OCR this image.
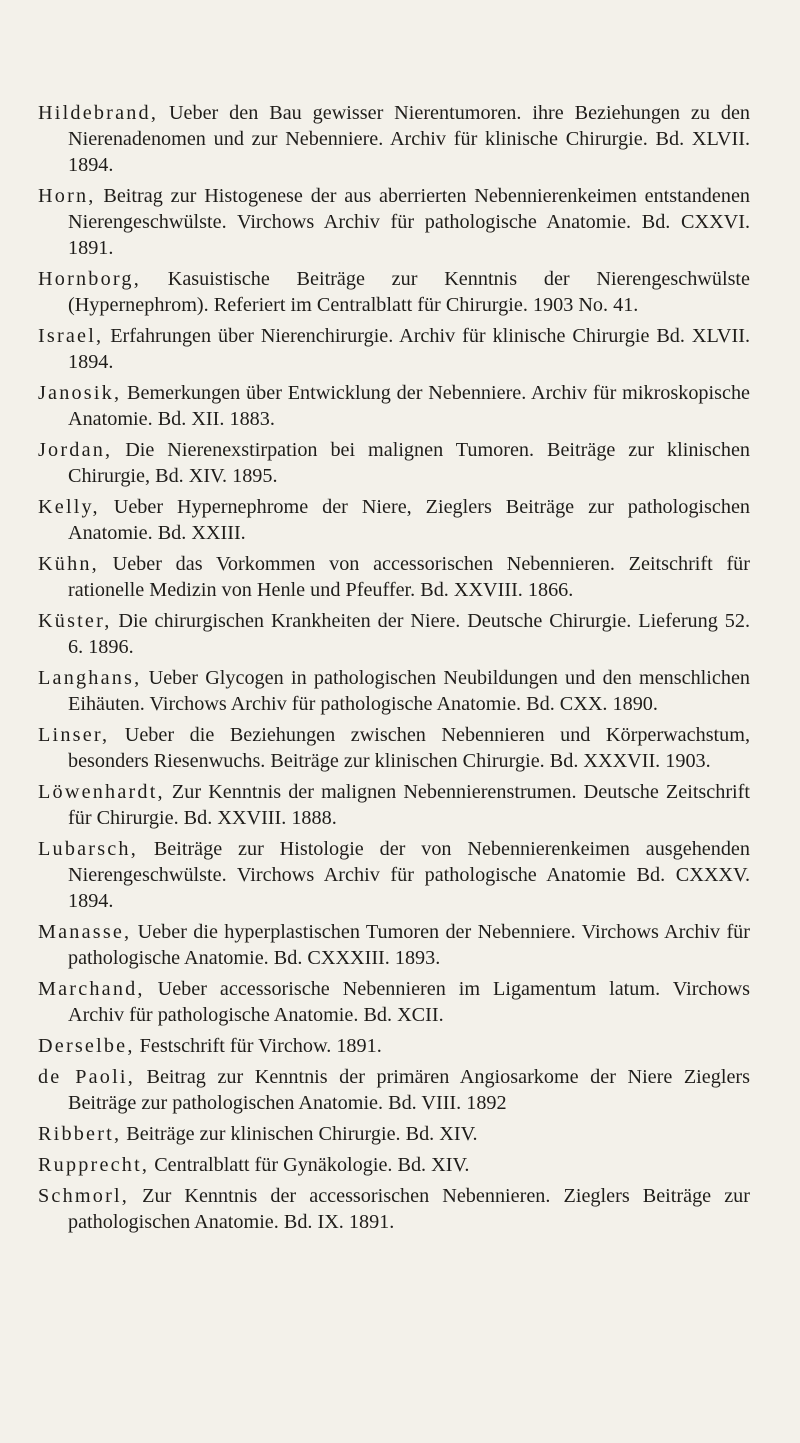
Hildebrand, Ueber den Bau gewisser Nierentumoren. ihre Beziehungen zu den Nierenadenomen und zur Nebenniere. Archiv für klinische Chirurgie. Bd. XLVII. 1894.
Horn, Beitrag zur Histogenese der aus aberrierten Nebennierenkeimen entstandenen Nierengeschwülste. Virchows Archiv für pathologische Anatomie. Bd. CXXVI. 1891.
Hornborg, Kasuistische Beiträge zur Kenntnis der Nierengeschwülste (Hypernephrom). Referiert im Centralblatt für Chirurgie. 1903 No. 41.
Israel, Erfahrungen über Nierenchirurgie. Archiv für klinische Chirurgie Bd. XLVII. 1894.
Janosik, Bemerkungen über Entwicklung der Nebenniere. Archiv für mikroskopische Anatomie. Bd. XII. 1883.
Jordan, Die Nierenexstirpation bei malignen Tumoren. Beiträge zur klinischen Chirurgie, Bd. XIV. 1895.
Kelly, Ueber Hypernephrome der Niere, Zieglers Beiträge zur pathologischen Anatomie. Bd. XXIII.
Kühn, Ueber das Vorkommen von accessorischen Nebennieren. Zeitschrift für rationelle Medizin von Henle und Pfeuffer. Bd. XXVIII. 1866.
Küster, Die chirurgischen Krankheiten der Niere. Deutsche Chirurgie. Lieferung 52. 6. 1896.
Langhans, Ueber Glycogen in pathologischen Neubildungen und den menschlichen Eihäuten. Virchows Archiv für pathologische Anatomie. Bd. CXX. 1890.
Linser, Ueber die Beziehungen zwischen Nebennieren und Körperwachstum, besonders Riesenwuchs. Beiträge zur klinischen Chirurgie. Bd. XXXVII. 1903.
Löwenhardt, Zur Kenntnis der malignen Nebennierenstrumen. Deutsche Zeitschrift für Chirurgie. Bd. XXVIII. 1888.
Lubarsch, Beiträge zur Histologie der von Nebennierenkeimen ausgehenden Nierengeschwülste. Virchows Archiv für pathologische Anatomie Bd. CXXXV. 1894.
Manasse, Ueber die hyperplastischen Tumoren der Nebenniere. Virchows Archiv für pathologische Anatomie. Bd. CXXXIII. 1893.
Marchand, Ueber accessorische Nebennieren im Ligamentum latum. Virchows Archiv für pathologische Anatomie. Bd. XCII.
Derselbe, Festschrift für Virchow. 1891.
de Paoli, Beitrag zur Kenntnis der primären Angiosarkome der Niere Zieglers Beiträge zur pathologischen Anatomie. Bd. VIII. 1892
Ribbert, Beiträge zur klinischen Chirurgie. Bd. XIV.
Rupprecht, Centralblatt für Gynäkologie. Bd. XIV.
Schmorl, Zur Kenntnis der accessorischen Nebennieren. Zieglers Beiträge zur pathologischen Anatomie. Bd. IX. 1891.
